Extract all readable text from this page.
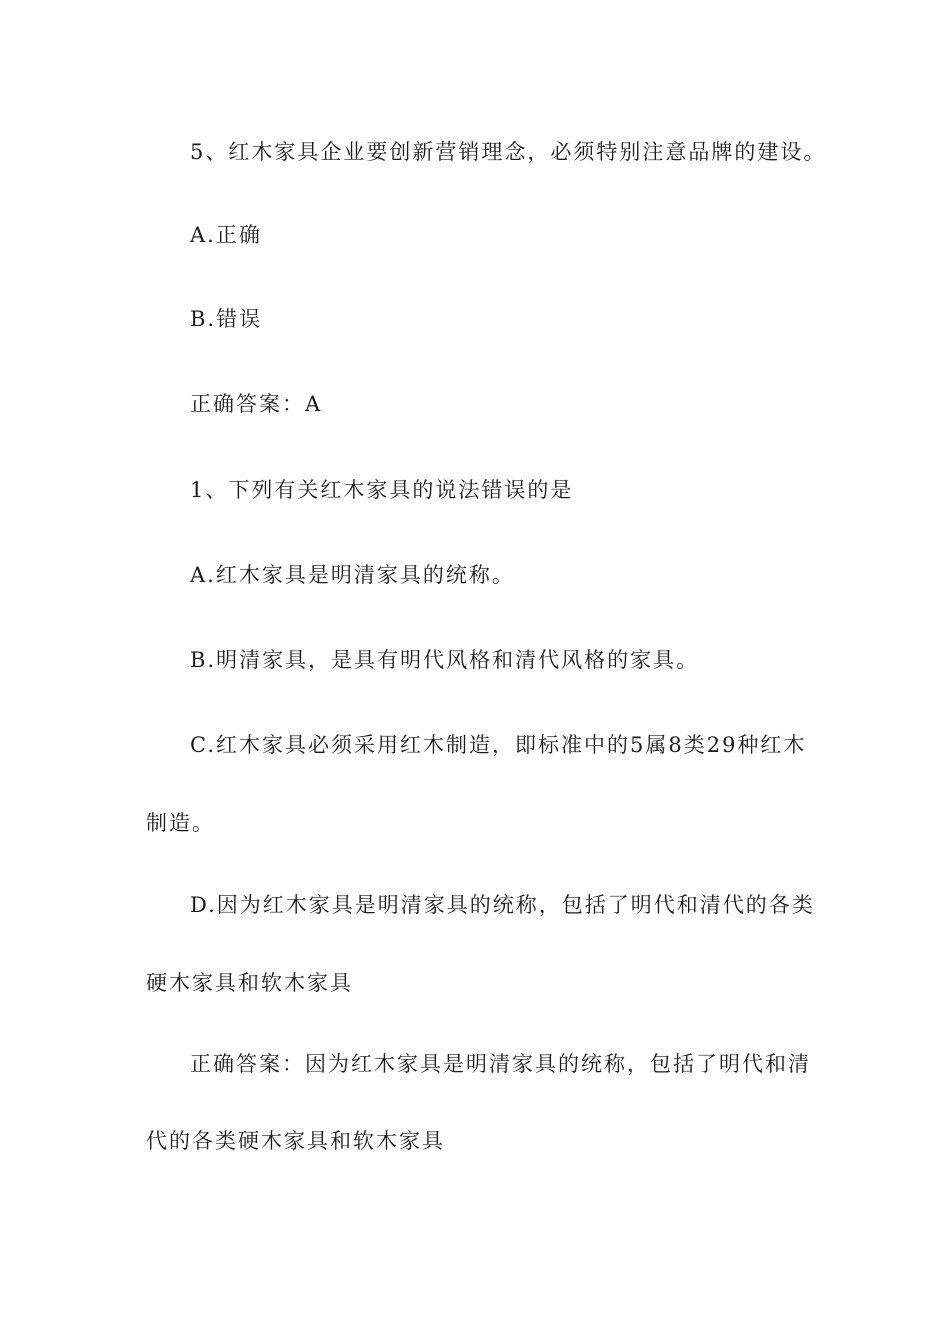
5、红木家具企业要创新营销理念，必须特别注意品牌的建设。
A.正确
B.错误
正确答案：A
1、下列有关红木家具的说法错误的是
A.红木家具是明清家具的统称。
B.明清家具，是具有明代风格和清代风格的家具。
C.红木家具必须采用红木制造，即标准中的5属8类29种红木
制造。
D.因为红木家具是明清家具的统称，包括了明代和清代的各类
硬木家具和软木家具
正确答案：因为红木家具是明清家具的统称，包括了明代和清
代的各类硬木家具和软木家具
